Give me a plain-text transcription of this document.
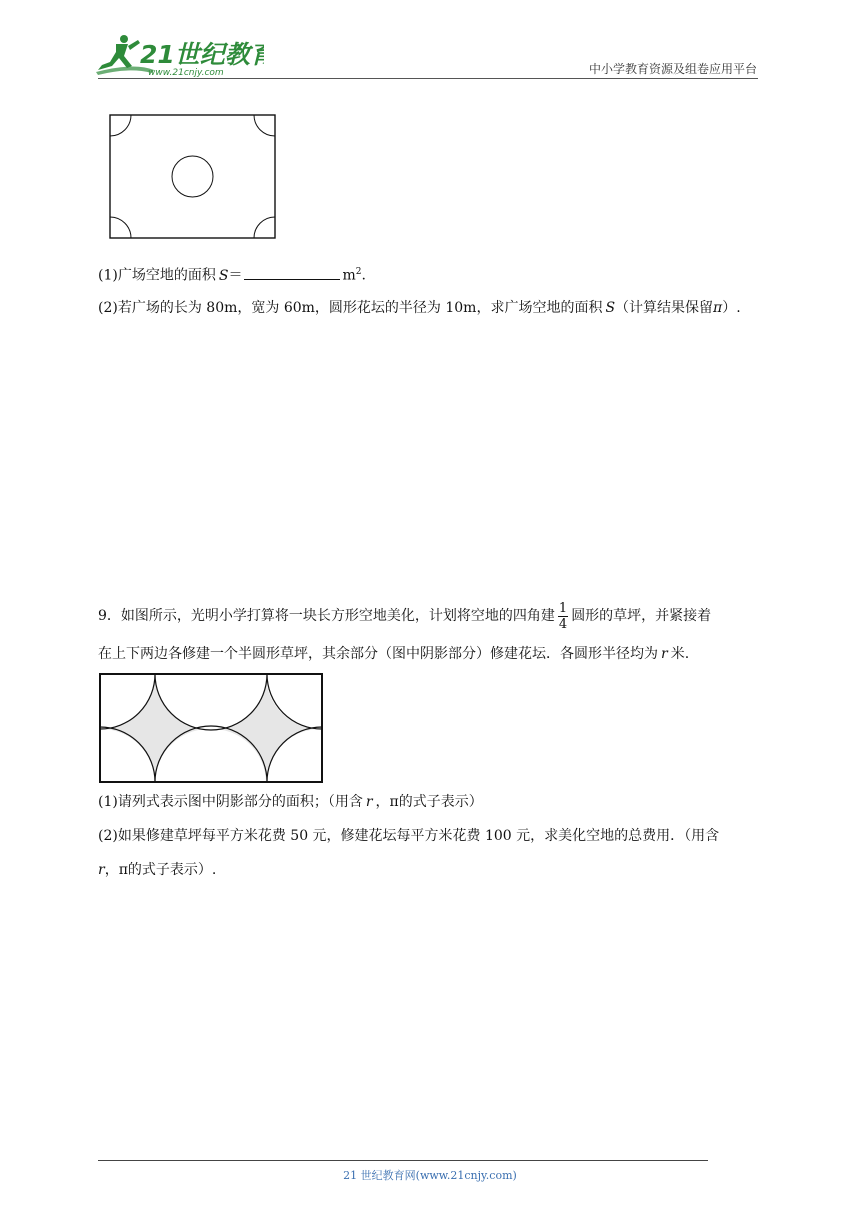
21世纪教育
www.21cnjy.com	中小学教育资源及组卷应用平台
(1)广场空地的面积 S＝	$m^2$.
(2)若广场的长为 80m，宽为 60m，圆形花坛的半径为 10m，求广场空地的面积 S（计算结果保留π）.
9．如图所示，光明小学打算将一块长方形空地美化，计划将空地的四角建 $\frac{1}{4}$ 圆形的草坪，并紧接着
在上下两边各修建一个半圆形草坪，其余部分（图中阴影部分）修建花坛．各圆形半径均为 r 米.
(1)请列式表示图中阴影部分的面积；（用含 r ，π的式子表示）
(2)如果修建草坪每平方米花费 50 元，修建花坛每平方米花费 100 元，求美化空地的总费用．（用含
r，π的式子表示）.
21 世纪教育网(www.21cnjy.com)
